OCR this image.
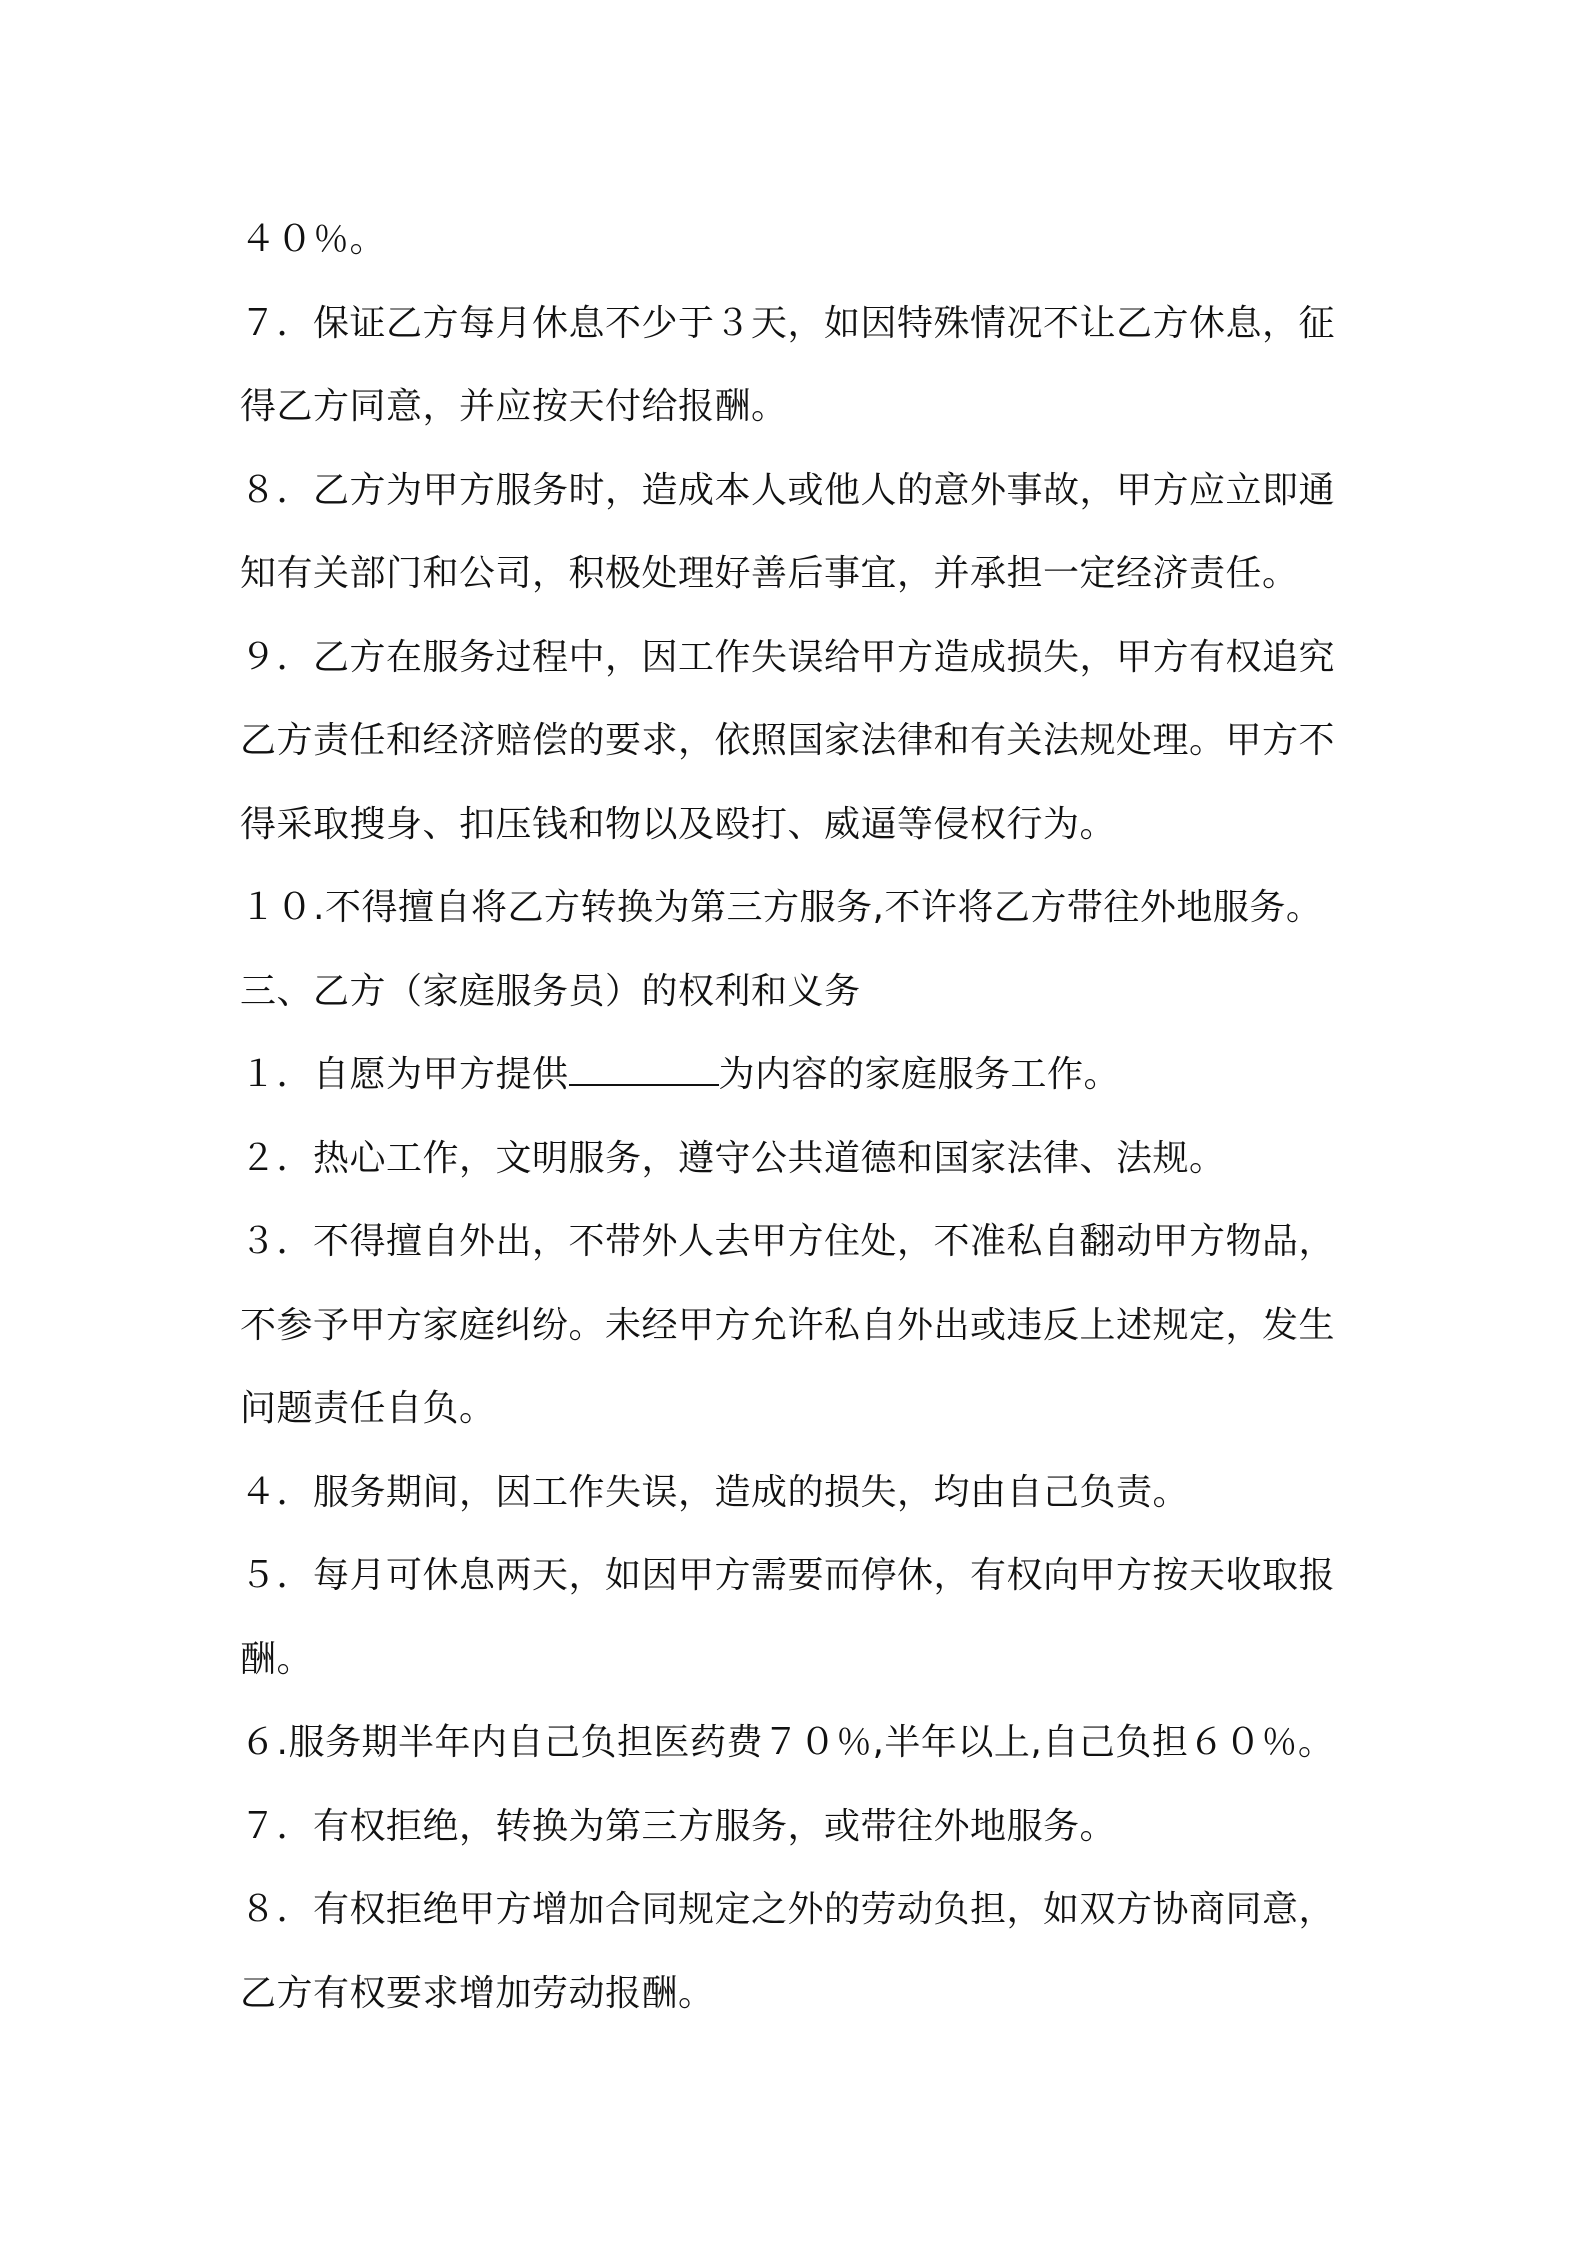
４０％。
７．保证乙方每月休息不少于３天，如因特殊情况不让乙方休息，征
得乙方同意，并应按天付给报酬。
８．乙方为甲方服务时，造成本人或他人的意外事故，甲方应立即通
知有关部门和公司，积极处理好善后事宜，并承担一定经济责任。
９．乙方在服务过程中，因工作失误给甲方造成损失，甲方有权追究
乙方责任和经济赔偿的要求，依照国家法律和有关法规处理。甲方不
得采取搜身、扣压钱和物以及殴打、威逼等侵权行为。
１０.不得擅自将乙方转换为第三方服务,不许将乙方带往外地服务。
三、乙方（家庭服务员）的权利和义务
１．自愿为甲方提供	为内容的家庭服务工作。
２．热心工作，文明服务，遵守公共道德和国家法律、法规。
３．不得擅自外出，不带外人去甲方住处，不准私自翻动甲方物品，
不参予甲方家庭纠纷。未经甲方允许私自外出或违反上述规定，发生
问题责任自负。
４．服务期间，因工作失误，造成的损失，均由自己负责。
５．每月可休息两天，如因甲方需要而停休，有权向甲方按天收取报
酬。
６.服务期半年内自己负担医药费７０％,半年以上,自己负担６０％。
７．有权拒绝，转换为第三方服务，或带往外地服务。
８．有权拒绝甲方增加合同规定之外的劳动负担，如双方协商同意，
乙方有权要求增加劳动报酬。
